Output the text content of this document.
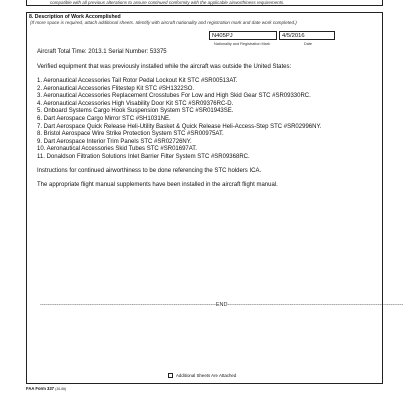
compatible with all previous alterations to assure continued conformity with the applicable airworthiness requirements.
8. Description of Work Accomplished
(If more space is required, attach additional sheets. Identify with aircraft nationality and registration mark and date work completed.)
N405PJ	4/5/2016
Nationality and Registration Mark	Date
Aircraft Total Time: 2013.1 Serial Number: 53375
Verified equipment that was previously installed while the aircraft was outside the United States:
1. Aeronautical Accessories Tail Rotor Pedal Lockout Kit STC #SR00513AT.
2. Aeronautical Accessories Flitestep Kit STC #SH1322SO.
3. Aeronautical Accessories Replacement Crosstubes For Low and High Skid Gear STC #SR09330RC.
4. Aeronautical Accessories High Visability Door Kit STC #SR09376RC-D.
5. Onboard Systems Cargo Hook Suspension System STC #SR01943SE.
6. Dart Aerospace Cargo Mirror STC #SH1031NE.
7. Dart Aerospace Quick Release Heli-Utility Basket & Quick Release Heli-Access-Step STC #SR02996NY.
8. Bristol Aerospace Wire Strike Protection System STC #SR00975AT.
9. Dart Aerospace Interior Trim Panels STC #SR02726NY.
10. Aeronautical Accessories Skid Tubes STC #SR01697AT.
11. Donaldson Filtration Solutions Inlet Barrier Filter System STC #SR09368RC.
Instructions for continued airworthiness to be done referencing the STC holders ICA.
The appropriate flight manual supplements have been installed in the aircraft flight manual.
------------------------------------------------------------------------------------------------END------------------------------------------------------------------------------------------------
Additional Sheets Are Attached
FAA Form 337 (10-06)
